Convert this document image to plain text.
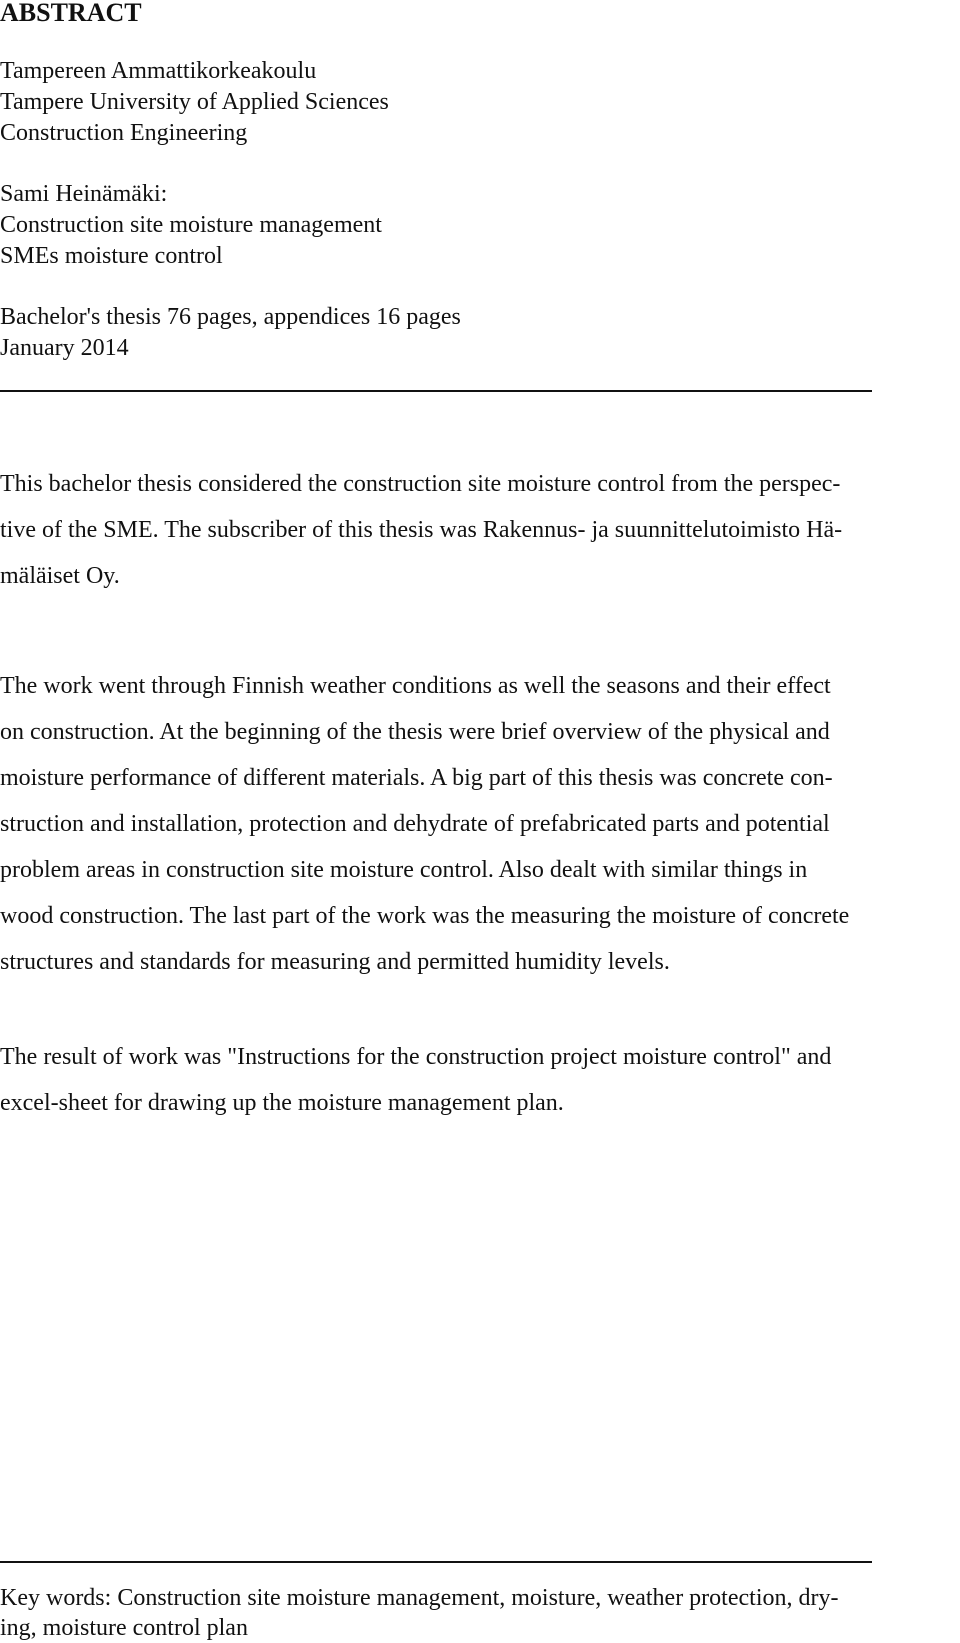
ABSTRACT
Tampereen Ammattikorkeakoulu
Tampere University of Applied Sciences
Construction Engineering
Sami Heinämäki:
Construction site moisture management
SMEs moisture control
Bachelor's thesis 76 pages, appendices 16 pages
January 2014
This bachelor thesis considered the construction site moisture control from the perspec-
tive of the SME. The subscriber of this thesis was Rakennus- ja suunnittelutoimisto Hä-
mäläiset Oy.
The work went through Finnish weather conditions as well the seasons and their effect
on construction. At the beginning of the thesis were brief overview of the physical and
moisture performance of different materials. A big part of this thesis was concrete con-
struction and installation, protection and dehydrate of prefabricated parts and potential
problem areas in construction site moisture control. Also dealt with similar things in
wood construction. The last part of the work was the measuring the moisture of concrete
structures and standards for measuring and permitted humidity levels.
The result of work was "Instructions for the construction project moisture control" and
excel-sheet for drawing up the moisture management plan.
Key words: Construction site moisture management, moisture, weather protection, dry-
ing, moisture control plan
